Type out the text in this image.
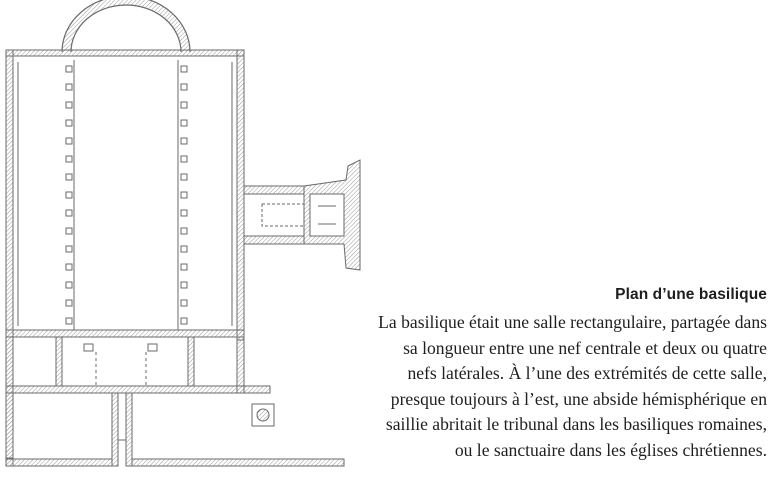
Plan d’une basilique
La basilique était une salle rectangulaire, partagée dans
sa longueur entre une nef centrale et deux ou quatre
nefs latérales. À l’une des extrémités de cette salle,
presque toujours à l’est, une abside hémisphérique en
saillie abritait le tribunal dans les basiliques romaines,
ou le sanctuaire dans les églises chrétiennes.
